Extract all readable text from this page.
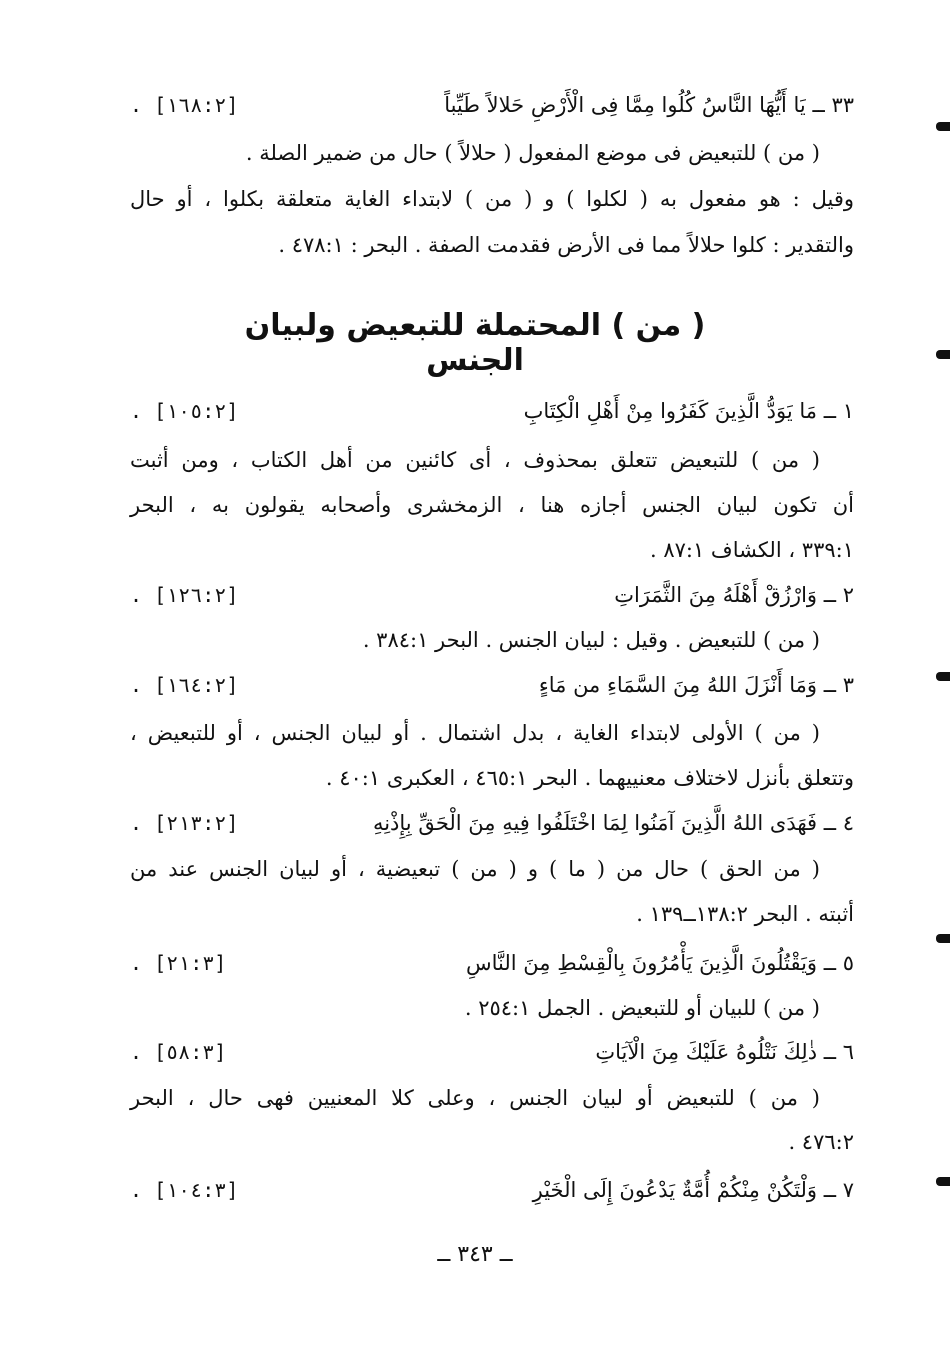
٣٣ ــ يَا أَيُّهَا النَّاسُ كُلُوا مِمَّا فِى الْأَرْضِ حَلالاً طَيِّباً
. [١٦٨:٢]
( من ) للتبعيض فى موضع المفعول ( حلالاً ) حال من ضمير الصلة .
وقيل : هو مفعول به ( لكلوا ) و ( من ) لابتداء الغاية متعلقة بكلوا ، أو حال
والتقدير : كلوا حلالاً مما فى الأرض فقدمت الصفة . البحر : ٤٧٨:١ .
( من ) المحتملة للتبعيض ولبيان الجنس
١ ــ مَا يَوَدُّ الَّذِينَ كَفَرُوا مِنْ أَهْلِ الْكِتَابِ
. [١٠٥:٢]
( من ) للتبعيض تتعلق بمحذوف ، أى كائنين من أهل الكتاب ، ومن أثبت
أن تكون لبيان الجنس أجازه هنا ، الزمخشرى وأصحابه يقولون به ، البحر
٣٣٩:١ ، الكشاف ٨٧:١ .
٢ ــ وَارْزُقْ أَهْلَهُ مِنَ الثَّمَرَاتِ
. [١٢٦:٢]
( من ) للتبعيض . وقيل : لبيان الجنس . البحر ٣٨٤:١ .
٣ ــ وَمَا أَنْزَلَ اللهُ مِنَ السَّمَاءِ من مَاءٍ
. [١٦٤:٢]
( من ) الأولى لابتداء الغاية ، بدل اشتمال . أو لبيان الجنس ، أو للتبعيض ،
وتتعلق بأنزل لاختلاف معنييهما . البحر ٤٦٥:١ ، العكبرى ٤٠:١ .
٤ ــ فَهَدَى اللهُ الَّذِينَ آمَنُوا لِمَا اخْتَلَفُوا فِيهِ مِنَ الْحَقِّ بِإِذْنِهِ
. [٢١٣:٢]
( من الحق ) حال من ( ما ) و ( من ) تبعيضية ، أو لبيان الجنس عند من
أثبته . البحر ١٣٨:٢ــ١٣٩ .
٥ ــ وَيَقْتُلُونَ الَّذِينَ يَأْمُرُونَ بِالْقِسْطِ مِنَ النَّاسِ
. [٢١:٣]
( من ) للبيان أو للتبعيض . الجمل ٢٥٤:١ .
٦ ــ ذٰلِكَ نَتْلُوهُ عَلَيْكَ مِنَ الْآيَاتِ
. [٥٨:٣]
( من ) للتبعيض أو لبيان الجنس ، وعلى كلا المعنيين فهى حال ، البحر
٤٧٦:٢ .
٧ ــ وَلْتَكُنْ مِنْكُمْ أُمَّةٌ يَدْعُونَ إِلَى الْخَيْرِ
. [١٠٤:٣]
ــ ٣٤٣ ــ
